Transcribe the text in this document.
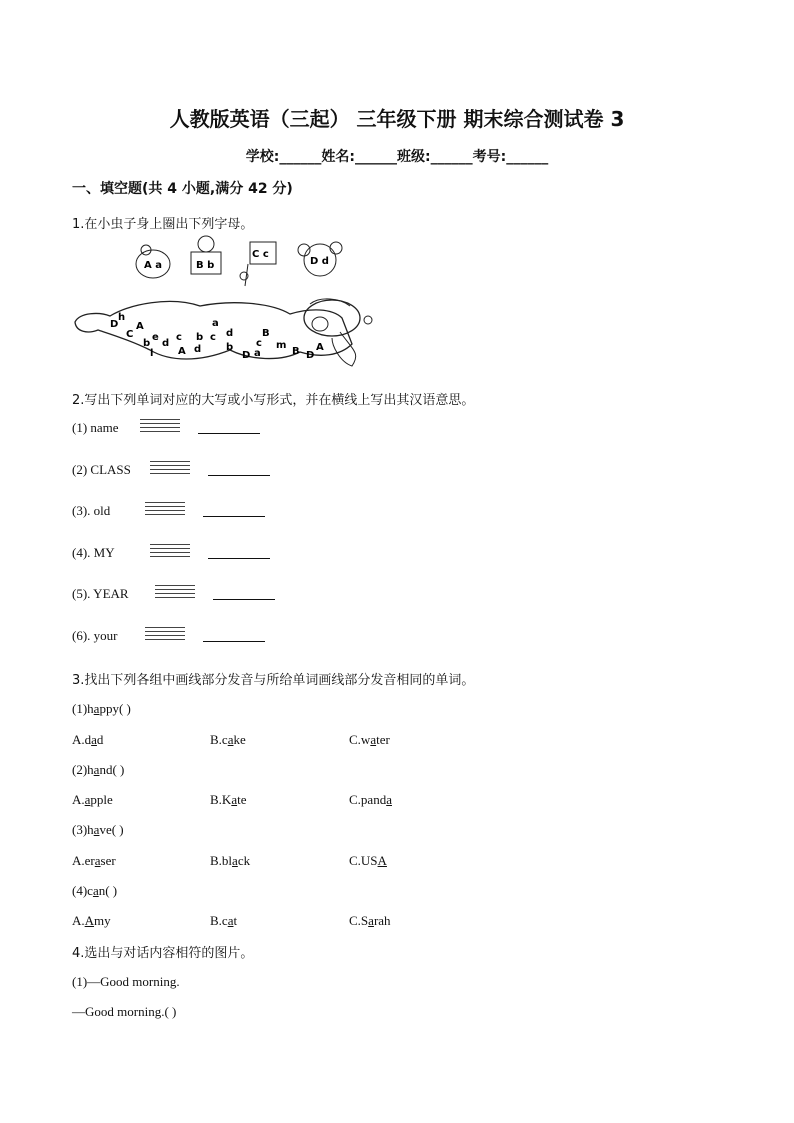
人教版英语（三起） 三年级下册 期末综合测试卷 3
学校:______姓名:______班级:______考号:______
一、填空题(共 4 小题,满分 42 分)
1.在小虫子身上圈出下列字母。
A a	B b
C c
D d
D
h
C
A
e
b
c
d
l A d
b
a
c d
b
D a
B
c m
B D
A
2.写出下列单词对应的大写或小写形式，并在横线上写出其汉语意思。
(1) name
(2) CLASS
(3). old
(4). MY
(5). YEAR
(6). your
3.找出下列各组中画线部分发音与所给单词画线部分发音相同的单词。
(1)happy( )
A.dad	B.cake	C.water
(2)hand( )
A.apple	B.Kate	C.panda
(3)have( )
A.eraser	B.black	C.USA
(4)can( )
A.Amy	B.cat	C.Sarah
4.选出与对话内容相符的图片。
(1)—Good morning.
—Good morning.( )
